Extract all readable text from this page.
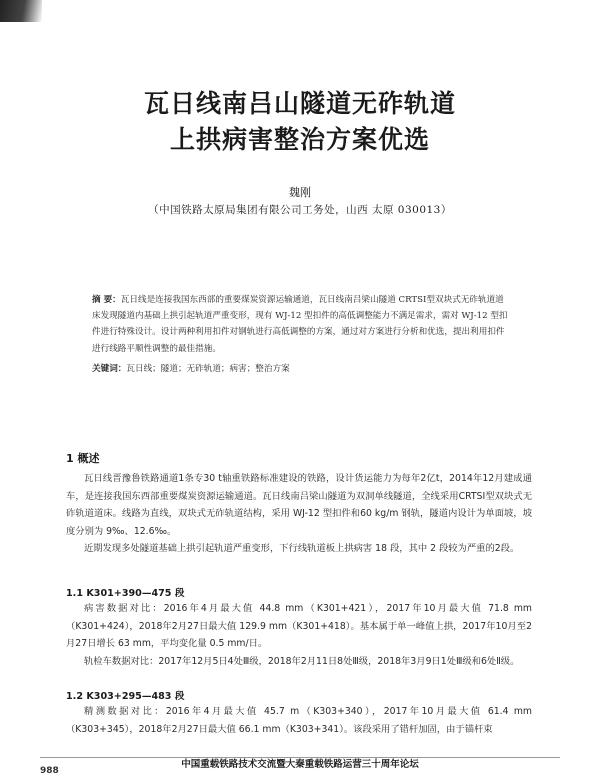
瓦日线南吕山隧道无砟轨道
上拱病害整治方案优选
魏刚
（中国铁路太原局集团有限公司工务处，山西 太原 030013）
摘 要：瓦日线是连接我国东西部的重要煤炭资源运输通道，瓦日线南吕梁山隧道 CRTSⅠ型双块式无砟轨道道床发现隧道内基础上拱引起轨道严重变形，现有 WJ-12 型扣件的高低调整能力不满足需求，需对 WJ-12 型扣件进行特殊设计。设计两种利用扣件对钢轨进行高低调整的方案，通过对方案进行分析和优选，提出利用扣件进行线路平顺性调整的最佳措施。
关键词：瓦日线；隧道；无砟轨道；病害；整治方案
1 概述

瓦日线晋豫鲁铁路通道1条专30 t轴重铁路标准建设的铁路，设计货运能力为每年2亿t，2014年12月建成通车，是连接我国东西部重要煤炭资源运输通道。瓦日线南吕梁山隧道为双洞单线隧道，全线采用CRTSⅠ型双块式无砟轨道道床。线路为直线，双块式无砟轨道结构，采用 WJ-12 型扣件和60 kg/m 钢轨，隧道内设计为单面坡，坡度分别为 9‰、12.6‰。

近期发现多处隧道基础上拱引起轨道严重变形，下行线轨道板上拱病害 18 段，其中 2 段较为严重的2段。

1.1 K301+390—475 段

病害数据对比：2016年4月最大值 44.8 mm（K301+421），2017年10月最大值 71.8 mm（K301+424），2018年2月27日最大值 129.9 mm（K301+418）。基本属于单一峰值上拱，2017年10月至2月27日增长 63 mm，平均变化量 0.5 mm/日。

轨检车数据对比：2017年12月5日4处Ⅲ级，2018年2月11日8处Ⅲ级，2018年3月9日1处Ⅲ级和6处Ⅱ级。

1.2 K303+295—483 段

精测数据对比：2016年4月最大值 45.7 m（K303+340），2017年10月最大值 61.4 mm（K303+345），2018年2月27日最大值 66.1 mm（K303+341）。该段采用了错杆加固，由于锚杆束

988
中国重载铁路技术交流暨大秦重载铁路运营三十周年论坛
